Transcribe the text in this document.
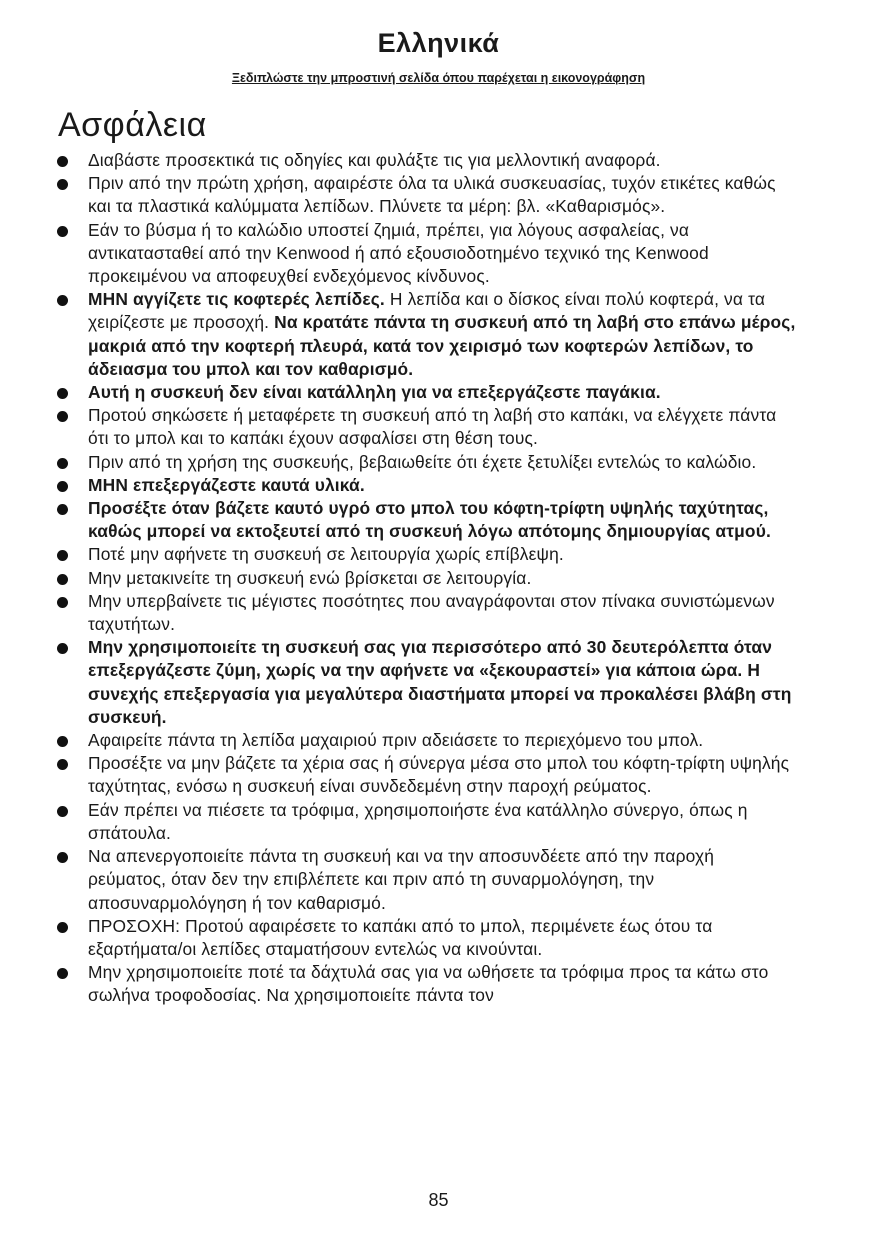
Ελληνικά

Ξεδιπλώστε την μπροστινή σελίδα όπου παρέχεται η εικονογράφηση

Ασφάλεια
Διαβάστε προσεκτικά τις οδηγίες και φυλάξτε τις για μελλοντική αναφορά.
Πριν από την πρώτη χρήση, αφαιρέστε όλα τα υλικά συσκευασίας, τυχόν ετικέτες καθώς και τα πλαστικά καλύμματα λεπίδων. Πλύνετε τα μέρη: βλ. «Καθαρισμός».
Εάν το βύσμα ή το καλώδιο υποστεί ζημιά, πρέπει, για λόγους ασφαλείας, να αντικατασταθεί από την Kenwood ή από εξουσιοδοτημένο τεχνικό της Kenwood προκειμένου να αποφευχθεί ενδεχόμενος κίνδυνος.
ΜΗΝ αγγίζετε τις κοφτερές λεπίδες. Η λεπίδα και ο δίσκος είναι πολύ κοφτερά, να τα χειρίζεστε με προσοχή. Να κρατάτε πάντα τη συσκευή από τη λαβή στο επάνω μέρος, μακριά από την κοφτερή πλευρά, κατά τον χειρισμό των κοφτερών λεπίδων, το άδειασμα του μπολ και τον καθαρισμό.
Αυτή η συσκευή δεν είναι κατάλληλη για να επεξεργάζεστε παγάκια.
Προτού σηκώσετε ή μεταφέρετε τη συσκευή από τη λαβή στο καπάκι, να ελέγχετε πάντα ότι το μπολ και το καπάκι έχουν ασφαλίσει στη θέση τους.
Πριν από τη χρήση της συσκευής, βεβαιωθείτε ότι έχετε ξετυλίξει εντελώς το καλώδιο.
ΜΗΝ επεξεργάζεστε καυτά υλικά.
Προσέξτε όταν βάζετε καυτό υγρό στο μπολ του κόφτη-τρίφτη υψηλής ταχύτητας, καθώς μπορεί να εκτοξευτεί από τη συσκευή λόγω απότομης δημιουργίας ατμού.
Ποτέ μην αφήνετε τη συσκευή σε λειτουργία χωρίς επίβλεψη.
Μην μετακινείτε τη συσκευή ενώ βρίσκεται σε λειτουργία.
Μην υπερβαίνετε τις μέγιστες ποσότητες που αναγράφονται στον πίνακα συνιστώμενων ταχυτήτων.
Μην χρησιμοποιείτε τη συσκευή σας για περισσότερο από 30 δευτερόλεπτα όταν επεξεργάζεστε ζύμη, χωρίς να την αφήνετε να «ξεκουραστεί» για κάποια ώρα. Η συνεχής επεξεργασία για μεγαλύτερα διαστήματα μπορεί να προκαλέσει βλάβη στη συσκευή.
Αφαιρείτε πάντα τη λεπίδα μαχαιριού πριν αδειάσετε το περιεχόμενο του μπολ.
Προσέξτε να μην βάζετε τα χέρια σας ή σύνεργα μέσα στο μπολ του κόφτη-τρίφτη υψηλής ταχύτητας, ενόσω η συσκευή είναι συνδεδεμένη στην παροχή ρεύματος.
Εάν πρέπει να πιέσετε τα τρόφιμα, χρησιμοποιήστε ένα κατάλληλο σύνεργο, όπως η σπάτουλα.
Να απενεργοποιείτε πάντα τη συσκευή και να την αποσυνδέετε από την παροχή ρεύματος, όταν δεν την επιβλέπετε και πριν από τη συναρμολόγηση, την αποσυναρμολόγηση ή τον καθαρισμό.
ΠΡΟΣΟΧΗ: Προτού αφαιρέσετε το καπάκι από το μπολ, περιμένετε έως ότου τα εξαρτήματα/οι λεπίδες σταματήσουν εντελώς να κινούνται.
Μην χρησιμοποιείτε ποτέ τα δάχτυλά σας για να ωθήσετε τα τρόφιμα προς τα κάτω στο σωλήνα τροφοδοσίας. Να χρησιμοποιείτε πάντα τον

85
